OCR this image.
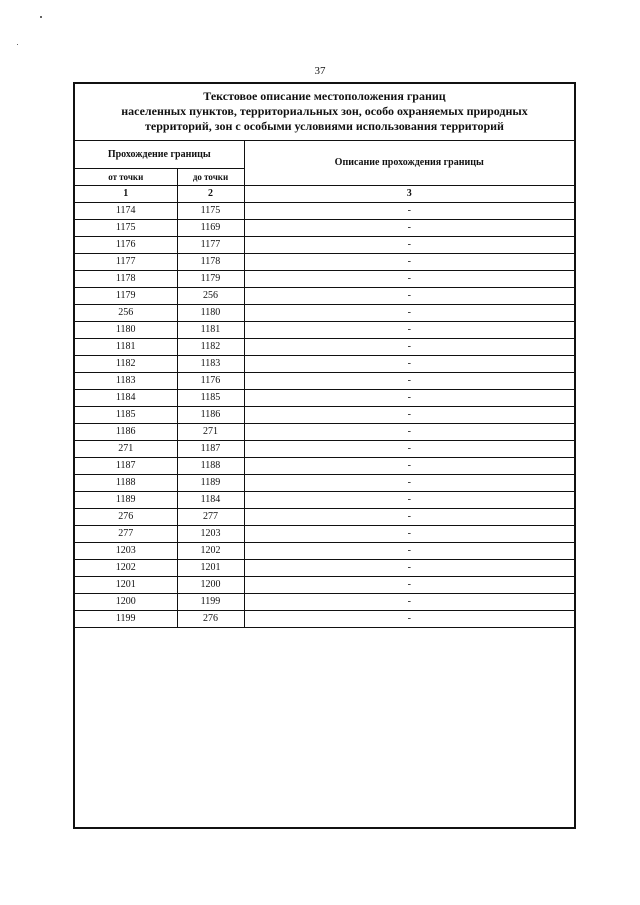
37
Текстовое описание местоположения границ
населенных пунктов, территориальных зон, особо охраняемых природных
территорий, зон с особыми условиями использования территорий
Прохождение границы		Описание прохождения границы
от точки	до точки	
1	2	3
1174	1175	-
1175	1169	-
1176	1177	-
1177	1178	-
1178	1179	-
1179	256	-
256	1180	-
1180	1181	-
1181	1182	-
1182	1183	-
1183	1176	-
1184	1185	-
1185	1186	-
1186	271	-
271	1187	-
1187	1188	-
1188	1189	-
1189	1184	-
276	277	-
277	1203	-
1203	1202	-
1202	1201	-
1201	1200	-
1200	1199	-
1199	276	-
